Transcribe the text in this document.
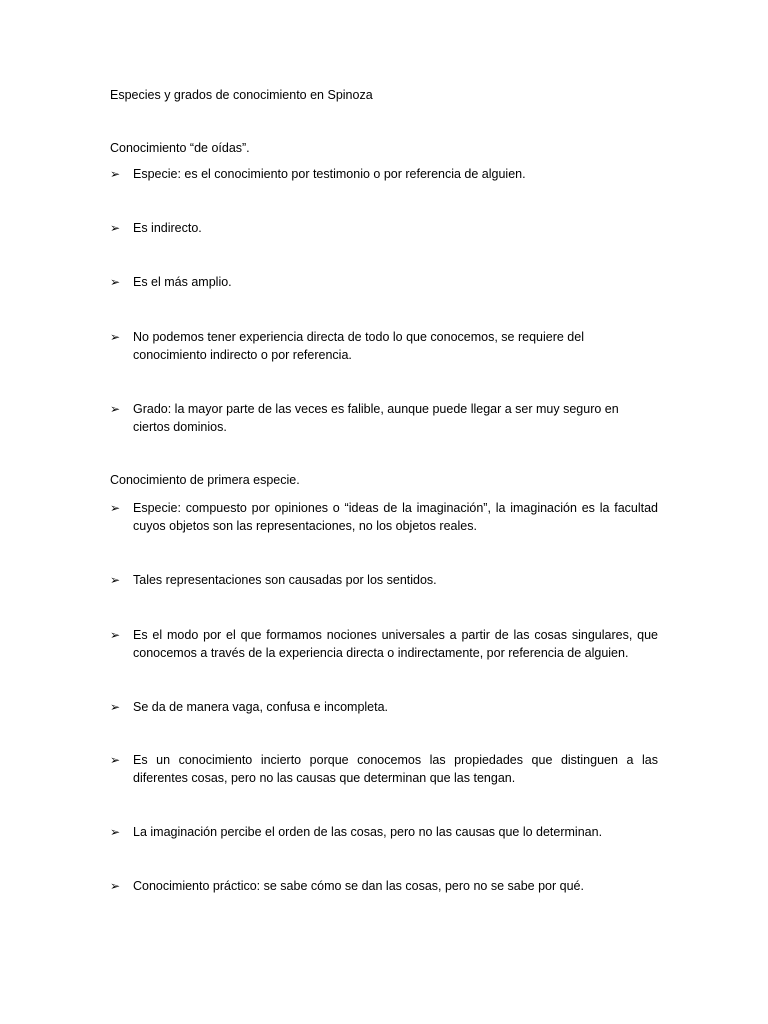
Especies y grados de conocimiento en Spinoza
Conocimiento “de oídas”.
➢	Especie: es el conocimiento por testimonio o por referencia de alguien.
➢	Es indirecto.
➢	Es el más amplio.
➢	No podemos tener experiencia directa de todo lo que conocemos, se requiere del conocimiento indirecto o por referencia.
➢	Grado: la mayor parte de las veces es falible, aunque puede llegar a ser muy seguro en ciertos dominios.
Conocimiento de primera especie.
➢	Especie: compuesto por opiniones o “ideas de la imaginación”, la imaginación es la facultad cuyos objetos son las representaciones, no los objetos reales.
➢	Tales representaciones son causadas por los sentidos.
➢	Es el modo por el que formamos nociones universales a partir de las cosas singulares, que conocemos a través de la experiencia directa o indirectamente, por referencia de alguien.
➢	Se da de manera vaga, confusa e incompleta.
➢	Es un conocimiento incierto porque conocemos las propiedades que distinguen a las diferentes cosas, pero no las causas que determinan que las tengan.
➢	La imaginación percibe el orden de las cosas, pero no las causas que lo determinan.
➢	Conocimiento práctico: se sabe cómo se dan las cosas, pero no se sabe por qué.
